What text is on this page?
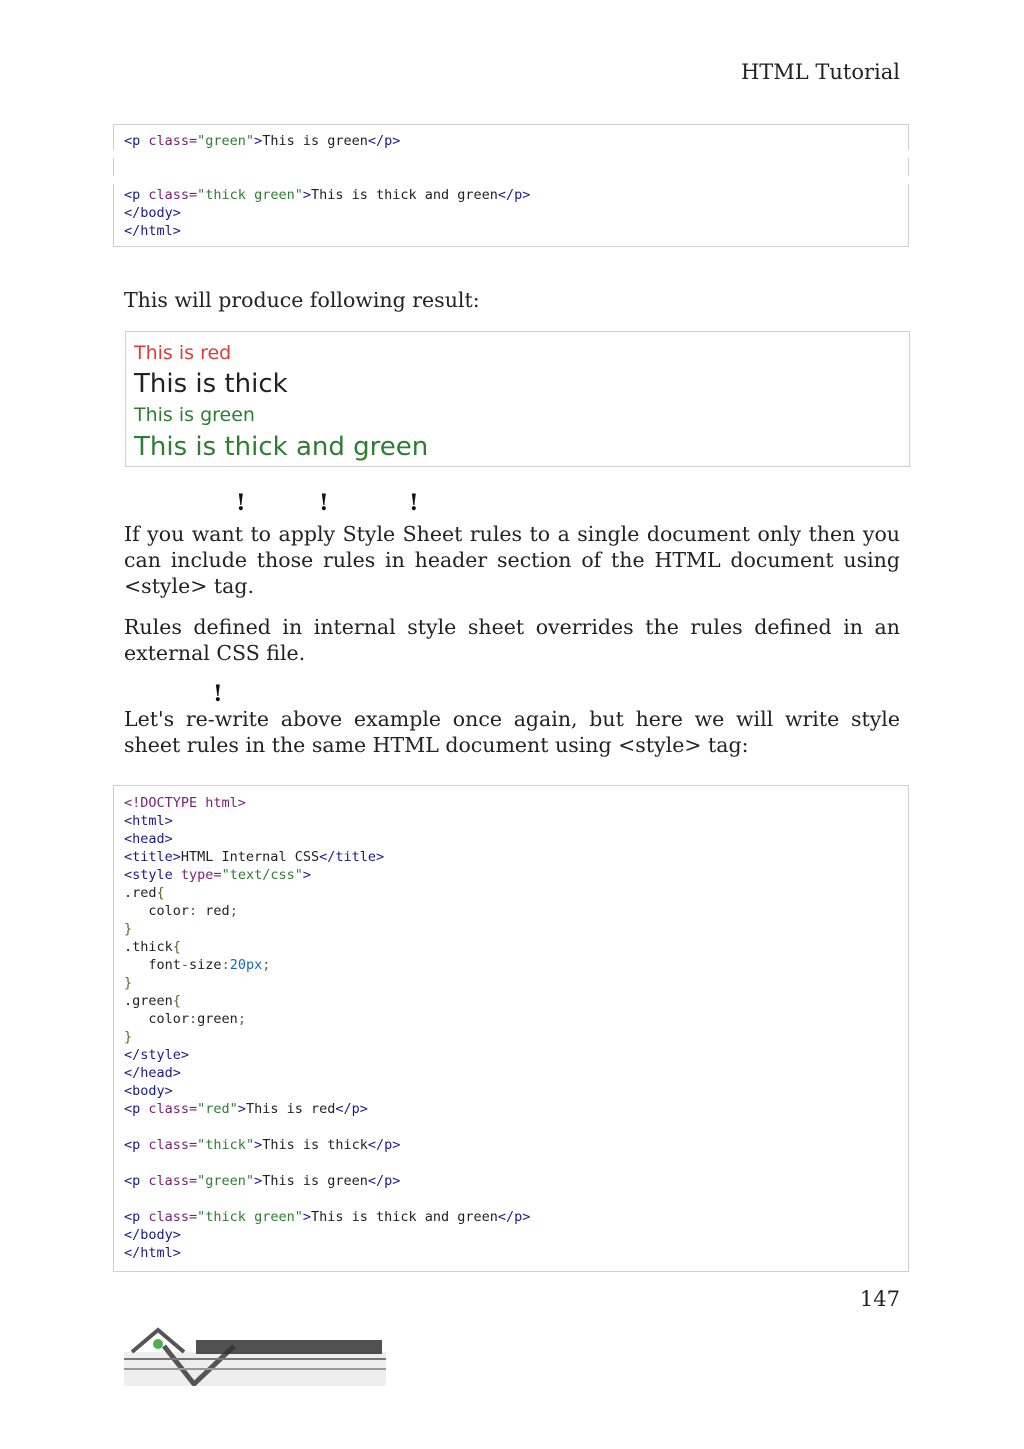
HTML Tutorial
<p class="green">This is green</p>
<p class="thick green">This is thick and green</p>
</body>
</html>

This will produce following result:

This is red
This is thick
This is green
This is thick and green
!	!	!

If you want to apply Style Sheet rules to a single document only then you can include those rules in header section of the HTML document using <style> tag.

Rules defined in internal style sheet overrides the rules defined in an external CSS file.

!

Let's re-write above example once again, but here we will write style sheet rules in the same HTML document using <style> tag:

<!DOCTYPE html>
<html>
<head>
<title>HTML Internal CSS</title>
<style type="text/css">
.red{
color: red;
}
.thick{
font-size:20px;
}
.green{
color:green;
}
</style>
</head>
<body>
<p class="red">This is red</p>
<p class="thick">This is thick</p>
<p class="green">This is green</p>
<p class="thick green">This is thick and green</p>
</body>
</html>
147
